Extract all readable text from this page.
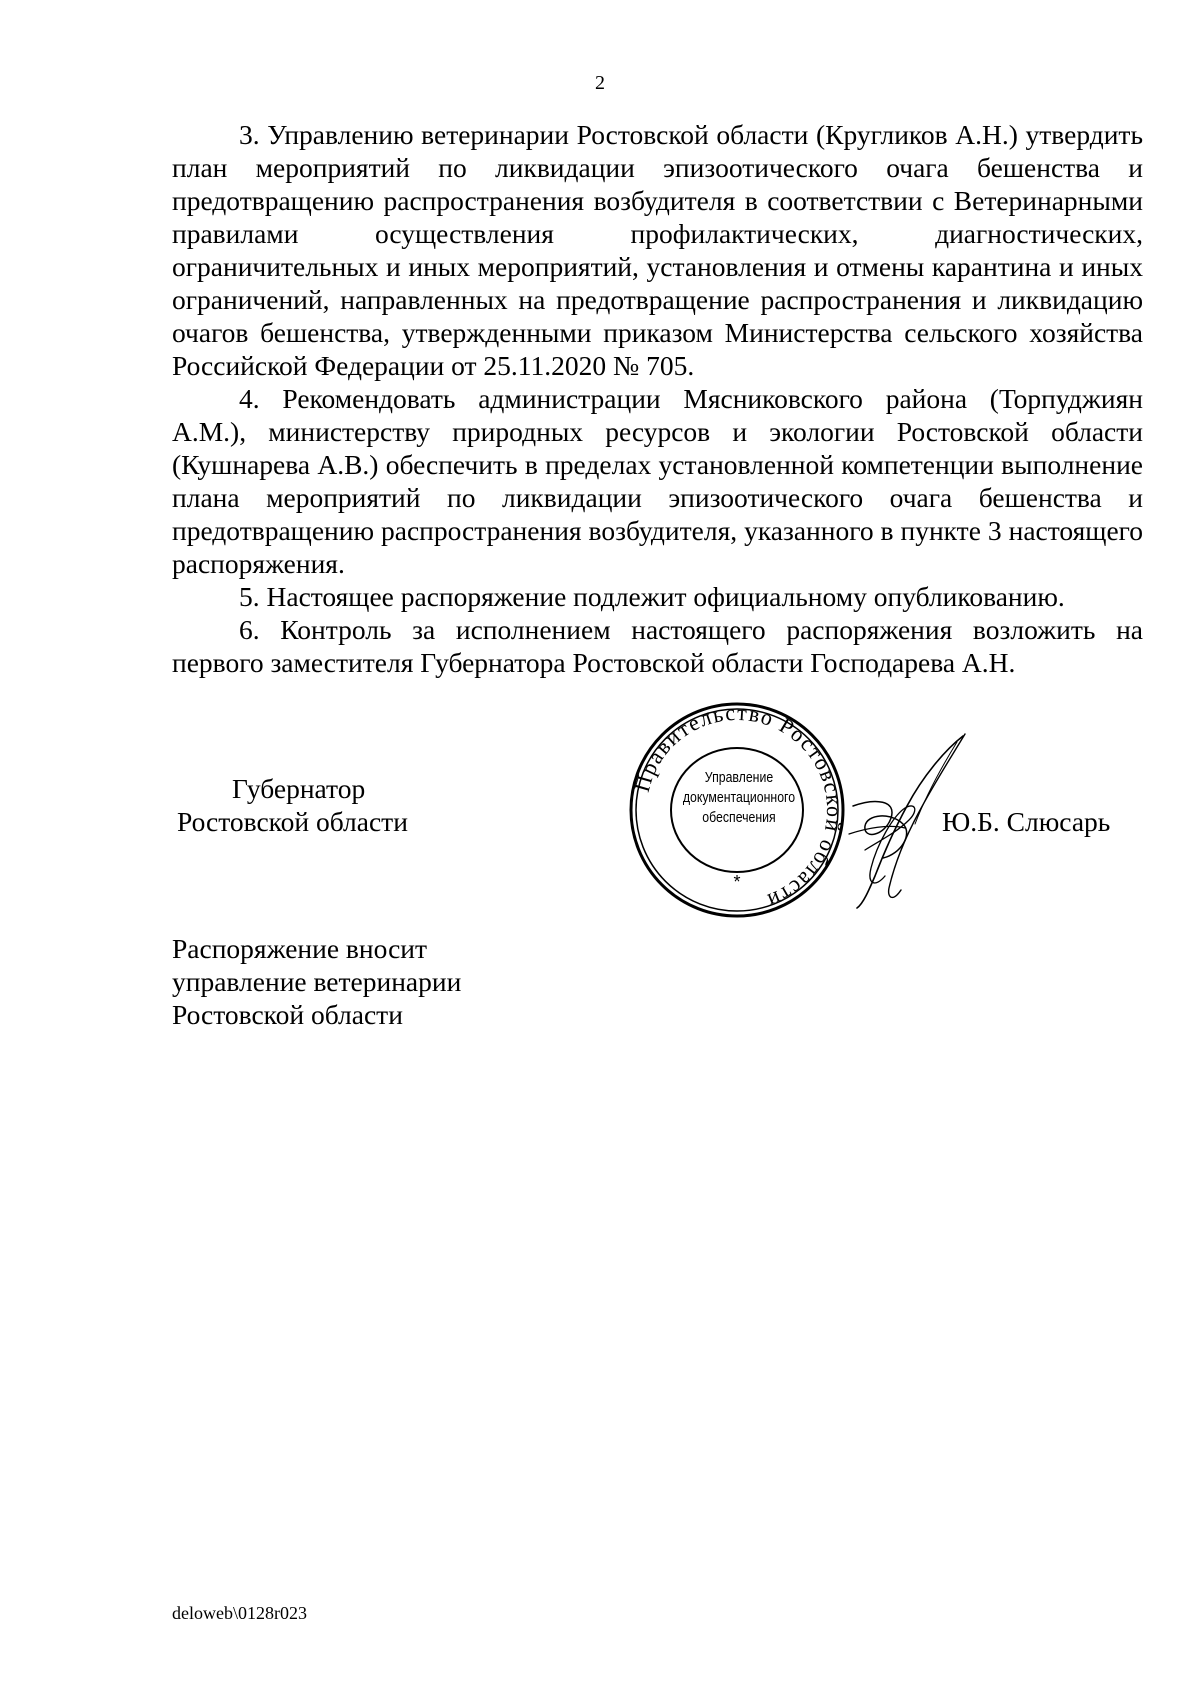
2

3. Управлению ветеринарии Ростовской области (Кругликов А.Н.) утвердить план мероприятий по ликвидации эпизоотического очага бешенства и предотвращению распространения возбудителя в соответствии с Ветеринарными правилами осуществления профилактических, диагностических, ограничительных и иных мероприятий, установления и отмены карантина и иных ограничений, направленных на предотвращение распространения и ликвидацию очагов бешенства, утвержденными приказом Министерства сельского хозяйства Российской Федерации от 25.11.2020 № 705.

4. Рекомендовать администрации Мясниковского района (Торпуджиян А.М.), министерству природных ресурсов и экологии Ростовской области (Кушнарева А.В.) обеспечить в пределах установленной компетенции выполнение плана мероприятий по ликвидации эпизоотического очага бешенства и предотвращению распространения возбудителя, указанного в пункте 3 настоящего распоряжения.

5. Настоящее распоряжение подлежит официальному опубликованию.

6. Контроль за исполнением настоящего распоряжения возложить на первого заместителя Губернатора Ростовской области Господарева А.Н.

Губернатор
Ростовской области
Правительство Ростовской области
*
Управление
документационного
обеспечения	Ю.Б. Слюсарь
Распоряжение вносит
управление ветеринарии
Ростовской области
deloweb\0128r023
